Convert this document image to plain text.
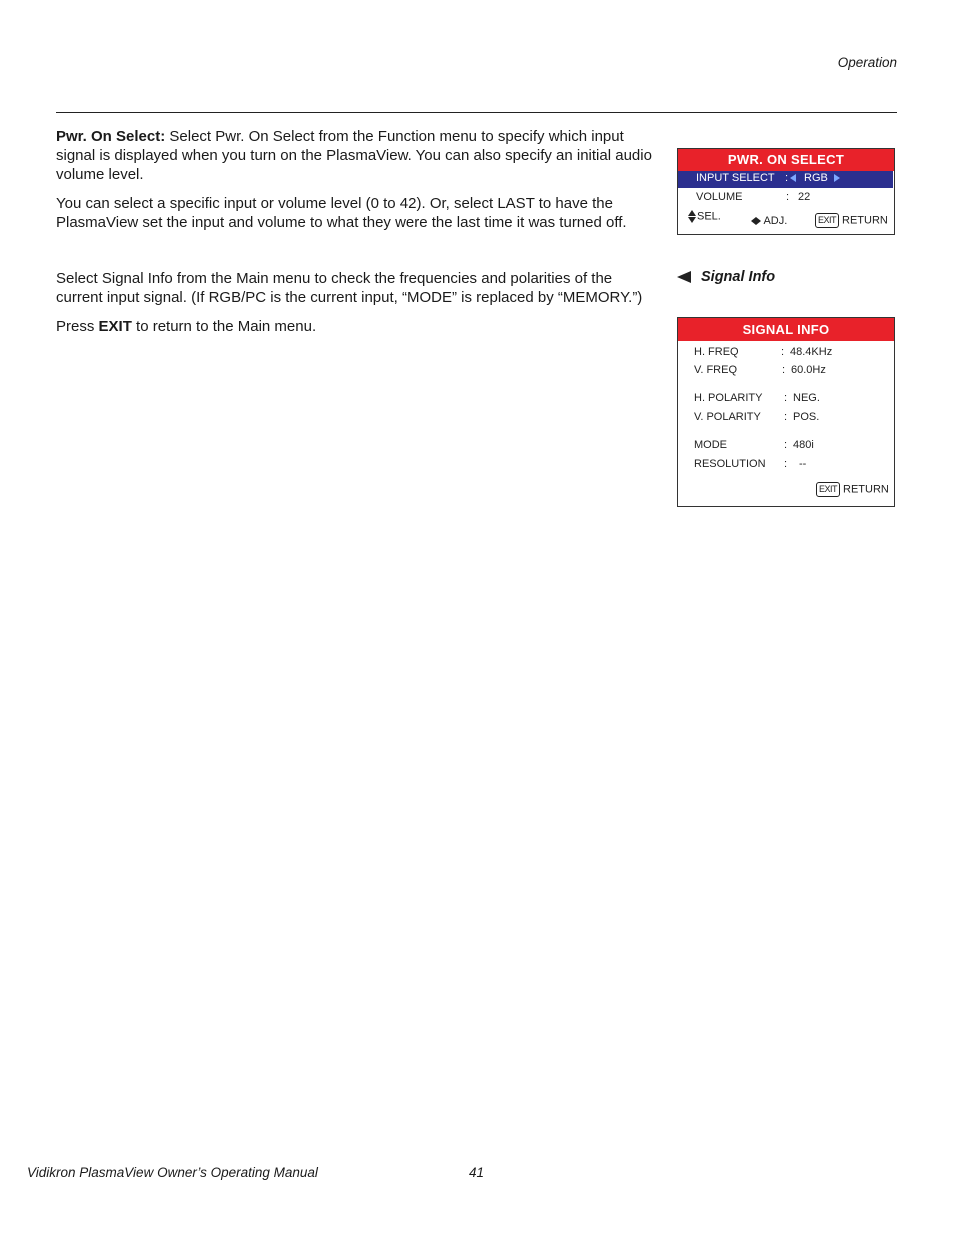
Operation

Pwr. On Select: Select Pwr. On Select from the Function menu to specify which input signal is displayed when you turn on the PlasmaView. You can also specify an initial audio volume level.

You can select a specific input or volume level (0 to 42). Or, select LAST to have the PlasmaView set the input and volume to what they were the last time it was turned off.

Select Signal Info from the Main menu to check the frequencies and polarities of the current input signal. (If RGB/PC is the current input, “MODE” is replaced by “MEMORY.”)

Press EXIT to return to the Main menu.

Signal Info
PWR. ON SELECT
INPUT SELECT : RGB
VOLUME	: 22
SEL.	ADJ.	EXIT RETURN
SIGNAL INFO
H. FREQ	: 48.4KHz
V. FREQ	: 60.0Hz
H. POLARITY : NEG.
V. POLARITY : POS.
MODE	: 480i
RESOLUTION : --
EXIT RETURN
Vidikron PlasmaView Owner’s Operating Manual	41
